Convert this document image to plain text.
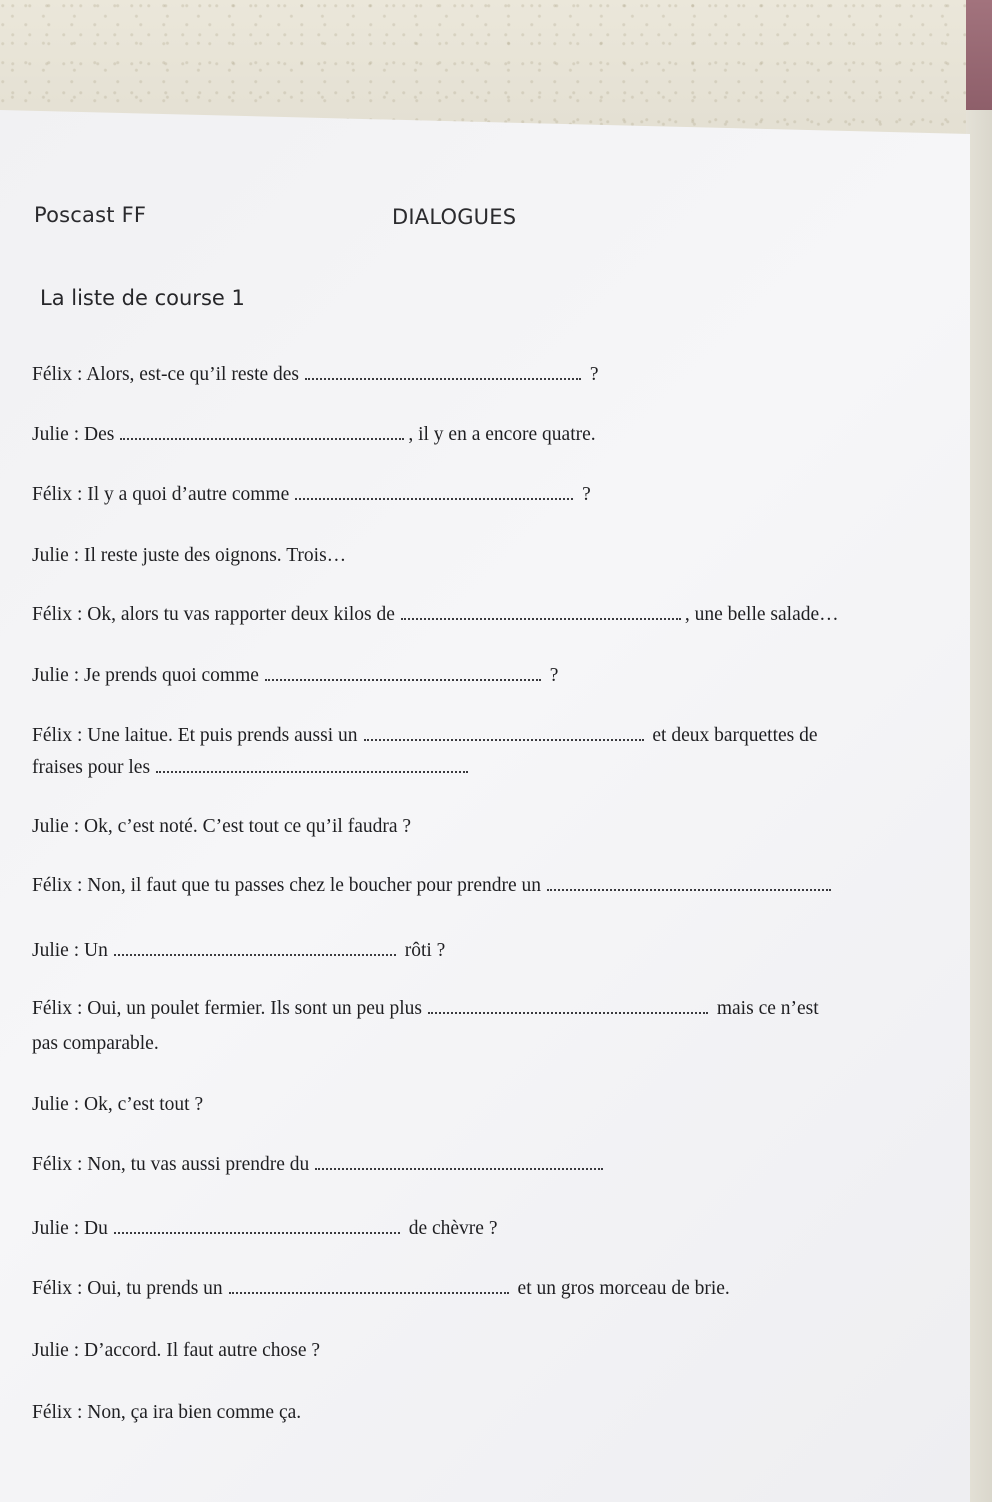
Poscast FF	DIALOGUES
La liste de course 1
Félix : Alors, est-ce qu’il reste des	?
Julie : Des	, il y en a encore quatre.
Félix : Il y a quoi d’autre comme	?
Julie : Il reste juste des oignons. Trois…
Félix : Ok, alors tu vas rapporter deux kilos de	, une belle salade…
Julie : Je prends quoi comme	?
Félix : Une laitue. Et puis prends aussi un	et deux barquettes de
fraises pour les
Julie : Ok, c’est noté. C’est tout ce qu’il faudra ?
Félix : Non, il faut que tu passes chez le boucher pour prendre un
Julie : Un	rôti ?
Félix : Oui, un poulet fermier. Ils sont un peu plus	mais ce n’est
pas comparable.
Julie : Ok, c’est tout ?
Félix : Non, tu vas aussi prendre du
Julie : Du	de chèvre ?
Félix : Oui, tu prends un	et un gros morceau de brie.
Julie : D’accord. Il faut autre chose ?
Félix : Non, ça ira bien comme ça.
